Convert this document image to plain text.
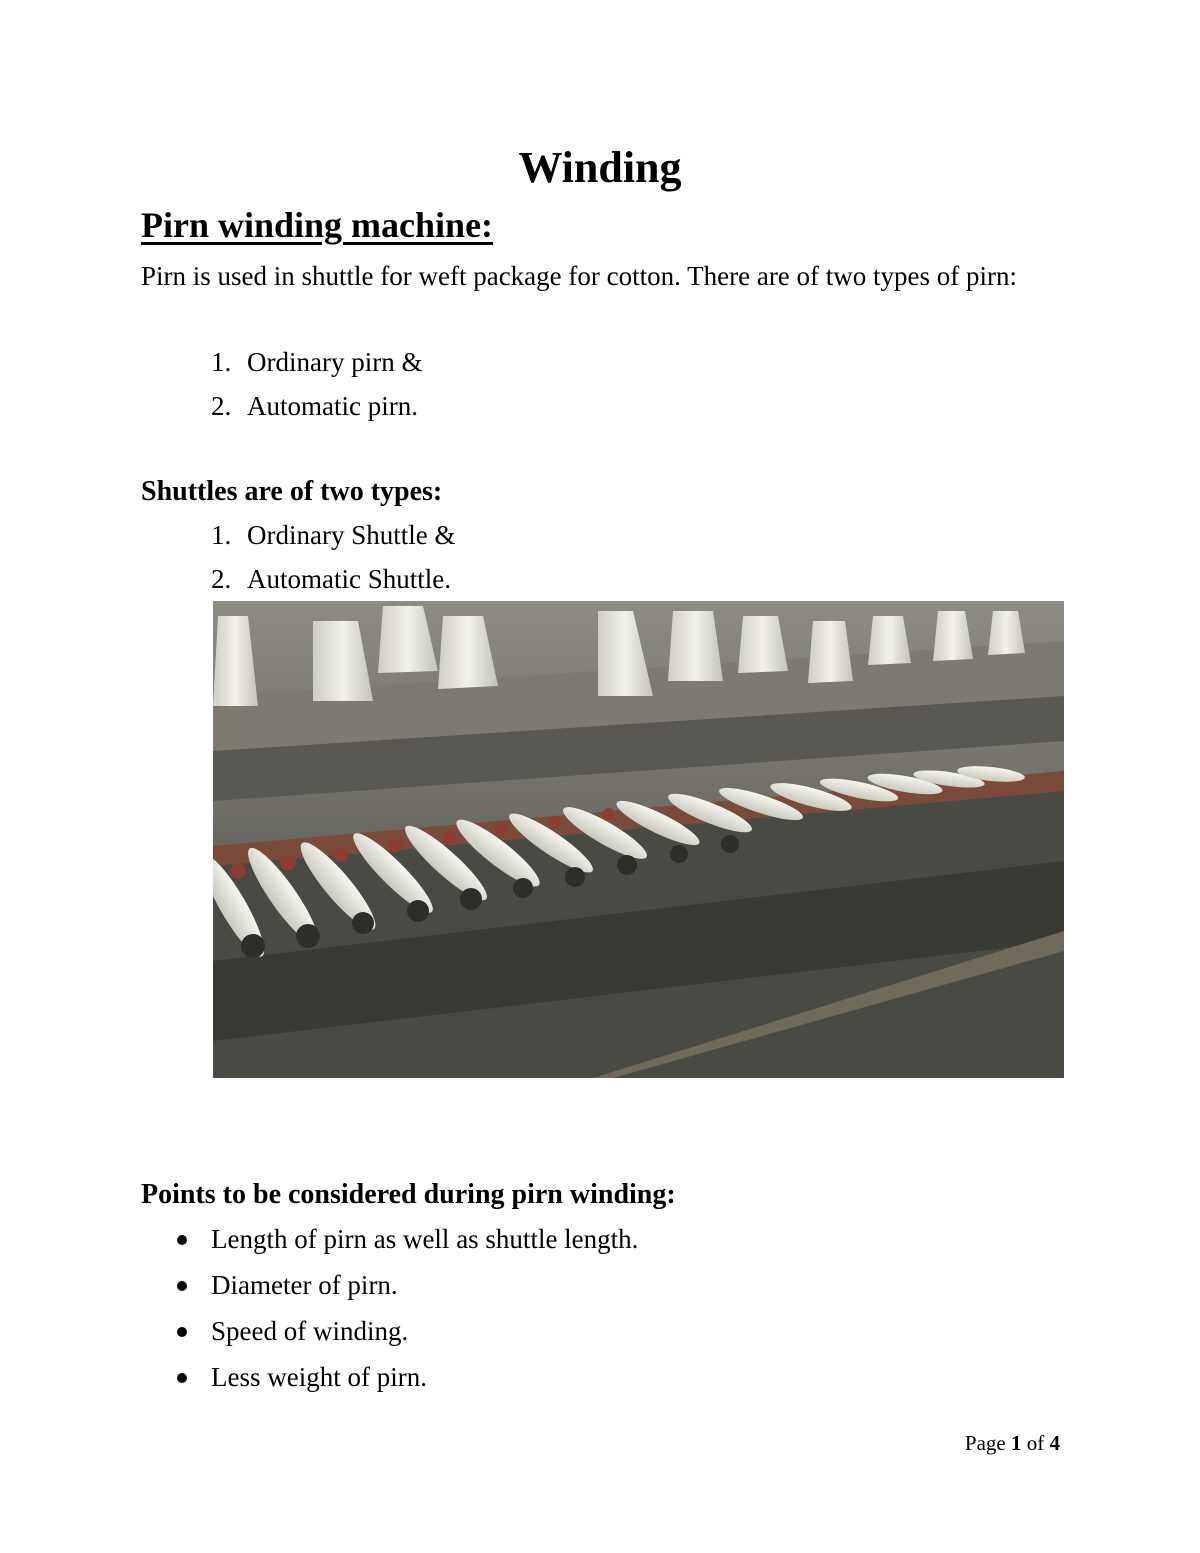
Winding
Pirn winding machine:
Pirn is used in shuttle for weft package for cotton. There are of two types of pirn:
1. Ordinary pirn &
2. Automatic pirn.
Shuttles are of two types:
1. Ordinary Shuttle &
2. Automatic Shuttle.
Points to be considered during pirn winding:
Length of pirn as well as shuttle length.
Diameter of pirn.
Speed of winding.
Less weight of pirn.
Page 1 of 4
